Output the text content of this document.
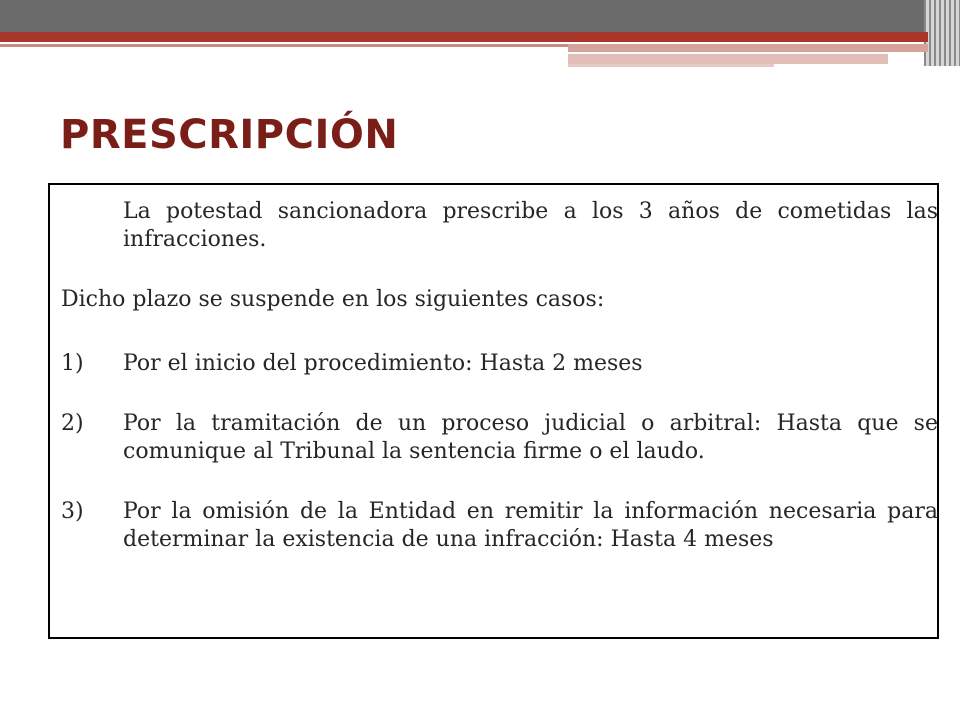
PRESCRIPCIÓN
La potestad sancionadora prescribe a los 3 años de cometidas las infracciones.
Dicho plazo se suspende en los siguientes casos:
1) Por el inicio del procedimiento: Hasta 2 meses
2) Por la tramitación de un proceso judicial o arbitral: Hasta que se comunique al Tribunal la sentencia firme o el laudo.
3) Por la omisión de la Entidad en remitir la información necesaria para determinar la existencia de una infracción: Hasta 4 meses
